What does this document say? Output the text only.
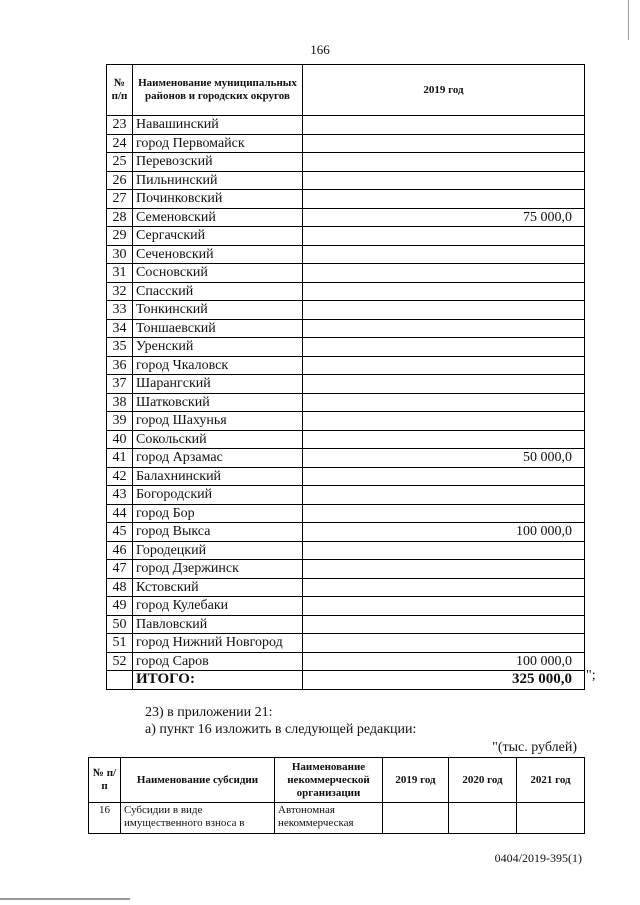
166
№ п/п	Наименование муниципальных районов и городских округов	2019 год
23	Навашинский	
24	город Первомайск	
25	Перевозский	
26	Пильнинский	
27	Починковский	
28	Семеновский	75 000,0
29	Сергачский	
30	Сеченовский	
31	Сосновский	
32	Спасский	
33	Тонкинский	
34	Тоншаевский	
35	Уренский	
36	город Чкаловск	
37	Шарангский	
38	Шатковский	
39	город Шахунья	
40	Сокольский	
41	город Арзамас	50 000,0
42	Балахнинский	
43	Богородский	
44	город Бор	
45	город Выкса	100 000,0
46	Городецкий	
47	город Дзержинск	
48	Кстовский	
49	город Кулебаки	
50	Павловский	
51	город Нижний Новгород	
52	город Саров	100 000,0
	ИТОГО:	325 000,0 ";
23) в приложении 21:
а) пункт 16 изложить в следующей редакции:
"(тыс. рублей)
№ п/п	Наименование субсидии	Наименование некоммерческой организации	2019 год	2020 год	2021 год
16	Субсидии в виде имущественного взноса в	Автономная некоммерческая			
0404/2019-395(1)
